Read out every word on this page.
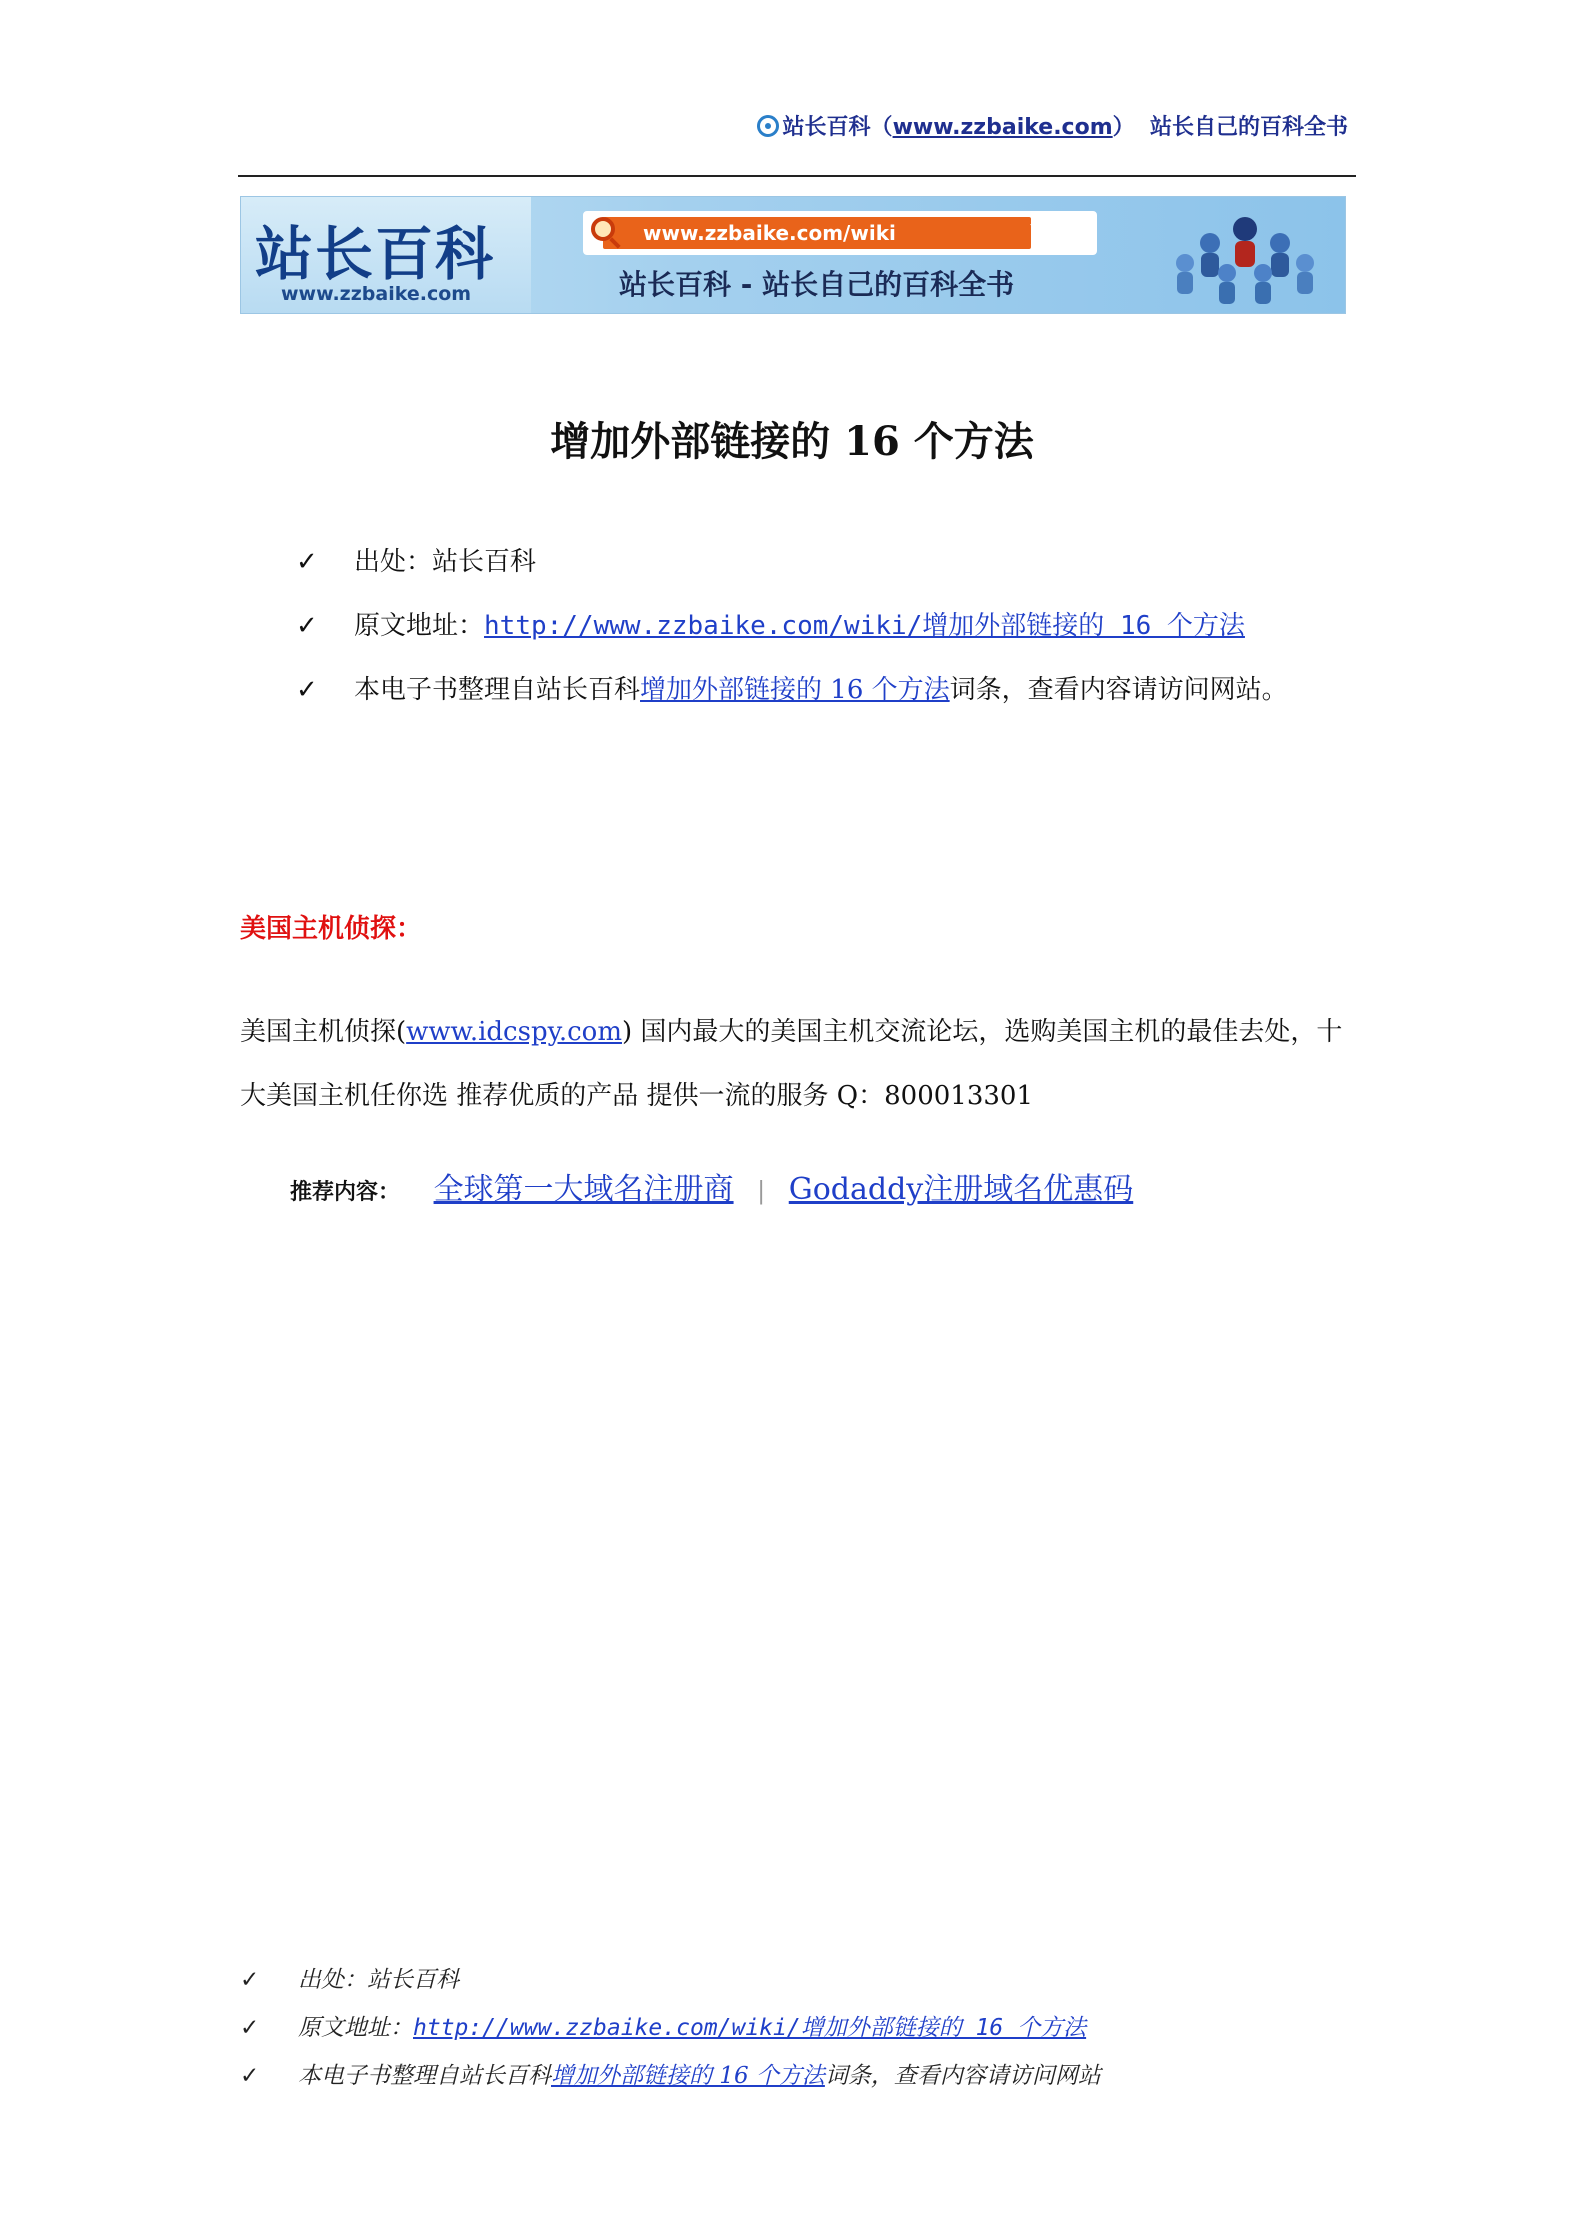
站长百科（www.zzbaike.com） 站长自己的百科全书
站长百科
www.zzbaike.com
www.zzbaike.com/wiki	▼
站长百科 - 站长自己的百科全书
增加外部链接的 16 个方法
✓ 出处：站长百科
✓ 原文地址：http://www.zzbaike.com/wiki/增加外部链接的 16 个方法
✓ 本电子书整理自站长百科增加外部链接的 16 个方法词条，查看内容请访问网站。
美国主机侦探：
美国主机侦探(www.idcspy.com) 国内最大的美国主机交流论坛，选购美国主机的最佳去处，十大美国主机任你选 推荐优质的产品 提供一流的服务 Q：800013301
推荐内容： 全球第一大域名注册商 | Godaddy注册域名优惠码
✓ 出处：站长百科
✓ 原文地址：http://www.zzbaike.com/wiki/增加外部链接的 16 个方法
✓ 本电子书整理自站长百科增加外部链接的 16 个方法词条，查看内容请访问网站
